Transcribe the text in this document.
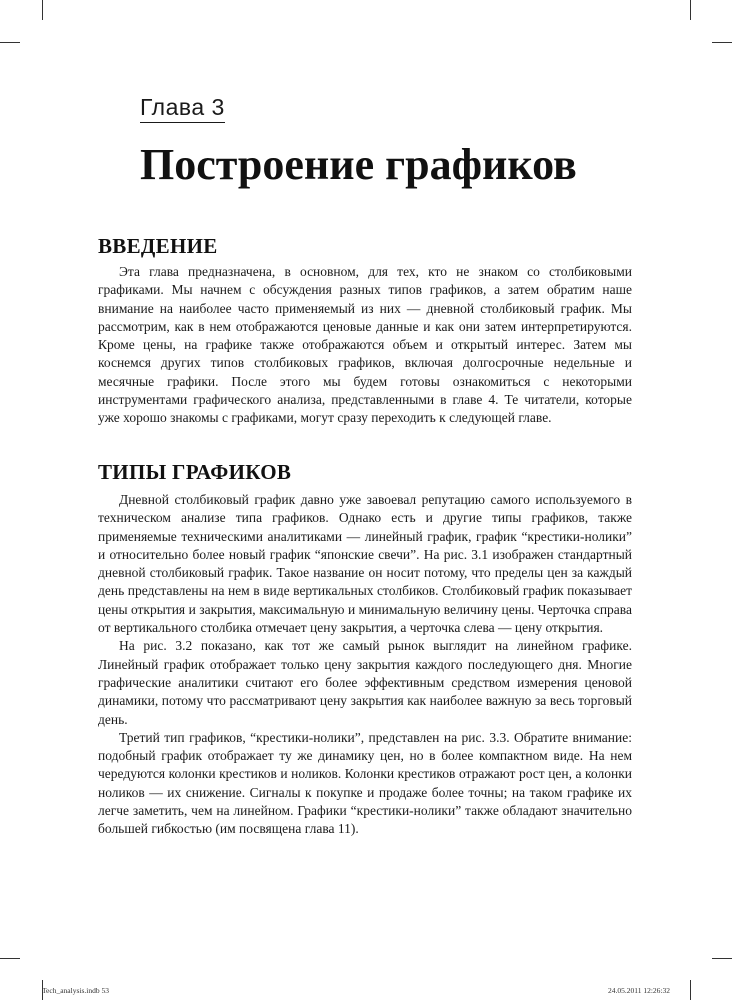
Глава 3
Построение графиков
ВВЕДЕНИЕ

Эта глава предназначена, в основном, для тех, кто не знаком со столбиковыми графиками. Мы начнем с обсуждения разных типов графиков, а затем обратим наше внимание на наиболее часто применяемый из них — дневной столбиковый график. Мы рассмотрим, как в нем отображаются ценовые данные и как они затем интерпретируются. Кроме цены, на графике также отображаются объем и открытый интерес. Затем мы коснемся других типов столбиковых графиков, включая долгосрочные недельные и месячные графики. После этого мы будем готовы ознакомиться с некоторыми инструментами графического анализа, представленными в главе 4. Те читатели, которые уже хорошо знакомы с графиками, могут сразу переходить к следующей главе.

ТИПЫ ГРАФИКОВ

Дневной столбиковый график давно уже завоевал репутацию самого используемого в техническом анализе типа графиков. Однако есть и другие типы графиков, также применяемые техническими аналитиками — линейный график, график “крестики-нолики” и относительно более новый график “японские свечи”. На рис. 3.1 изображен стандартный дневной столбиковый график. Такое название он носит потому, что пределы цен за каждый день представлены на нем в виде вертикальных столбиков. Столбиковый график показывает цены открытия и закрытия, максимальную и минимальную величину цены. Черточка справа от вертикального столбика отмечает цену закрытия, а черточка слева — цену открытия.

На рис. 3.2 показано, как тот же самый рынок выглядит на линейном графике. Линейный график отображает только цену закрытия каждого последующего дня. Многие графические аналитики считают его более эффективным средством измерения ценовой динамики, потому что рассматривают цену закрытия как наиболее важную за весь торговый день.

Третий тип графиков, “крестики-нолики”, представлен на рис. 3.3. Обратите внимание: подобный график отображает ту же динамику цен, но в более компактном виде. На нем чередуются колонки крестиков и ноликов. Колонки крестиков отражают рост цен, а колонки ноликов — их снижение. Сигналы к покупке и продаже более точны; на таком графике их легче заметить, чем на линейном. Графики “крестики-нолики” также обладают значительно большей гибкостью (им посвящена глава 11).

Tech_analysis.indb 53	24.05.2011 12:26:32
